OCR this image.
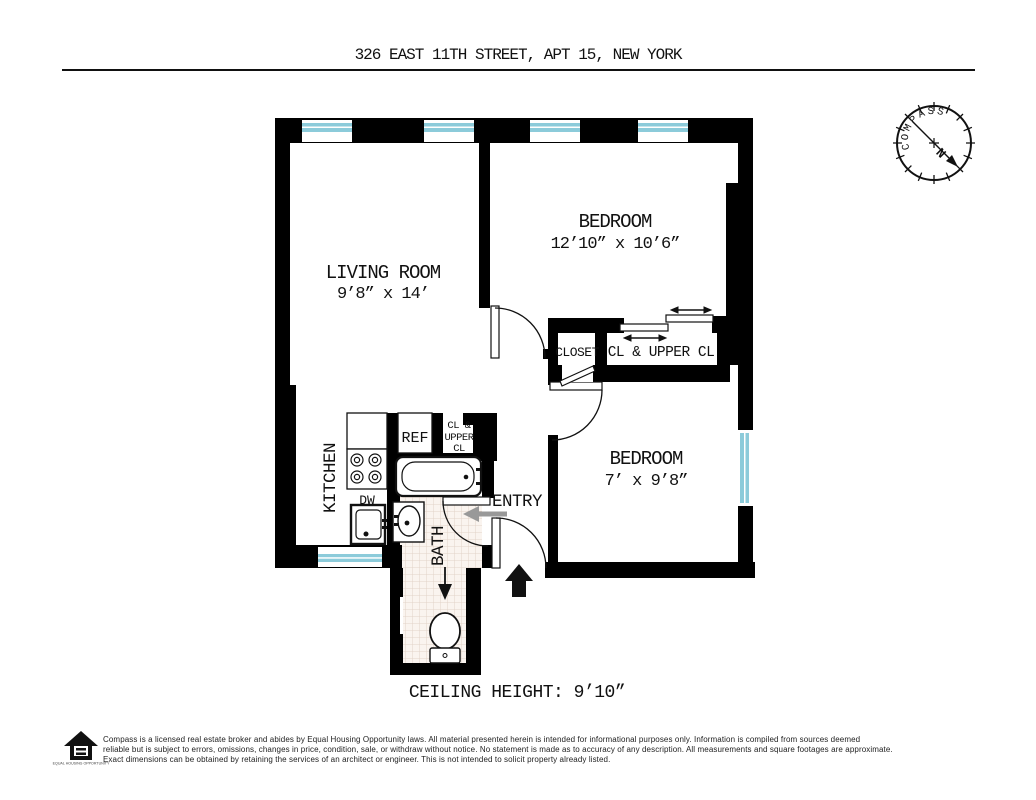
326 EAST 11TH STREET, APT 15, NEW YORK
LIVING ROOM
9’8” x 14’
BEDROOM
12’10” x 10’6”
BEDROOM
7’ x 9’8”
KITCHEN
BATH
ENTRY
CLOSET CL & UPPER CL
REF
DW
CL &
UPPER
CL
CEILING HEIGHT: 9’10”
COMPASS
N
EQUAL HOUSING OPPORTUNITY
Compass is a licensed real estate broker and abides by Equal Housing Opportunity laws. All material presented herein is intended for informational purposes only. Information is compiled from sources deemed
reliable but is subject to errors, omissions, changes in price, condition, sale, or withdraw without notice. No statement is made as to accuracy of any description. All measurements and square footages are approximate.
Exact dimensions can be obtained by retaining the services of an architect or engineer. This is not intended to solicit property already listed.
